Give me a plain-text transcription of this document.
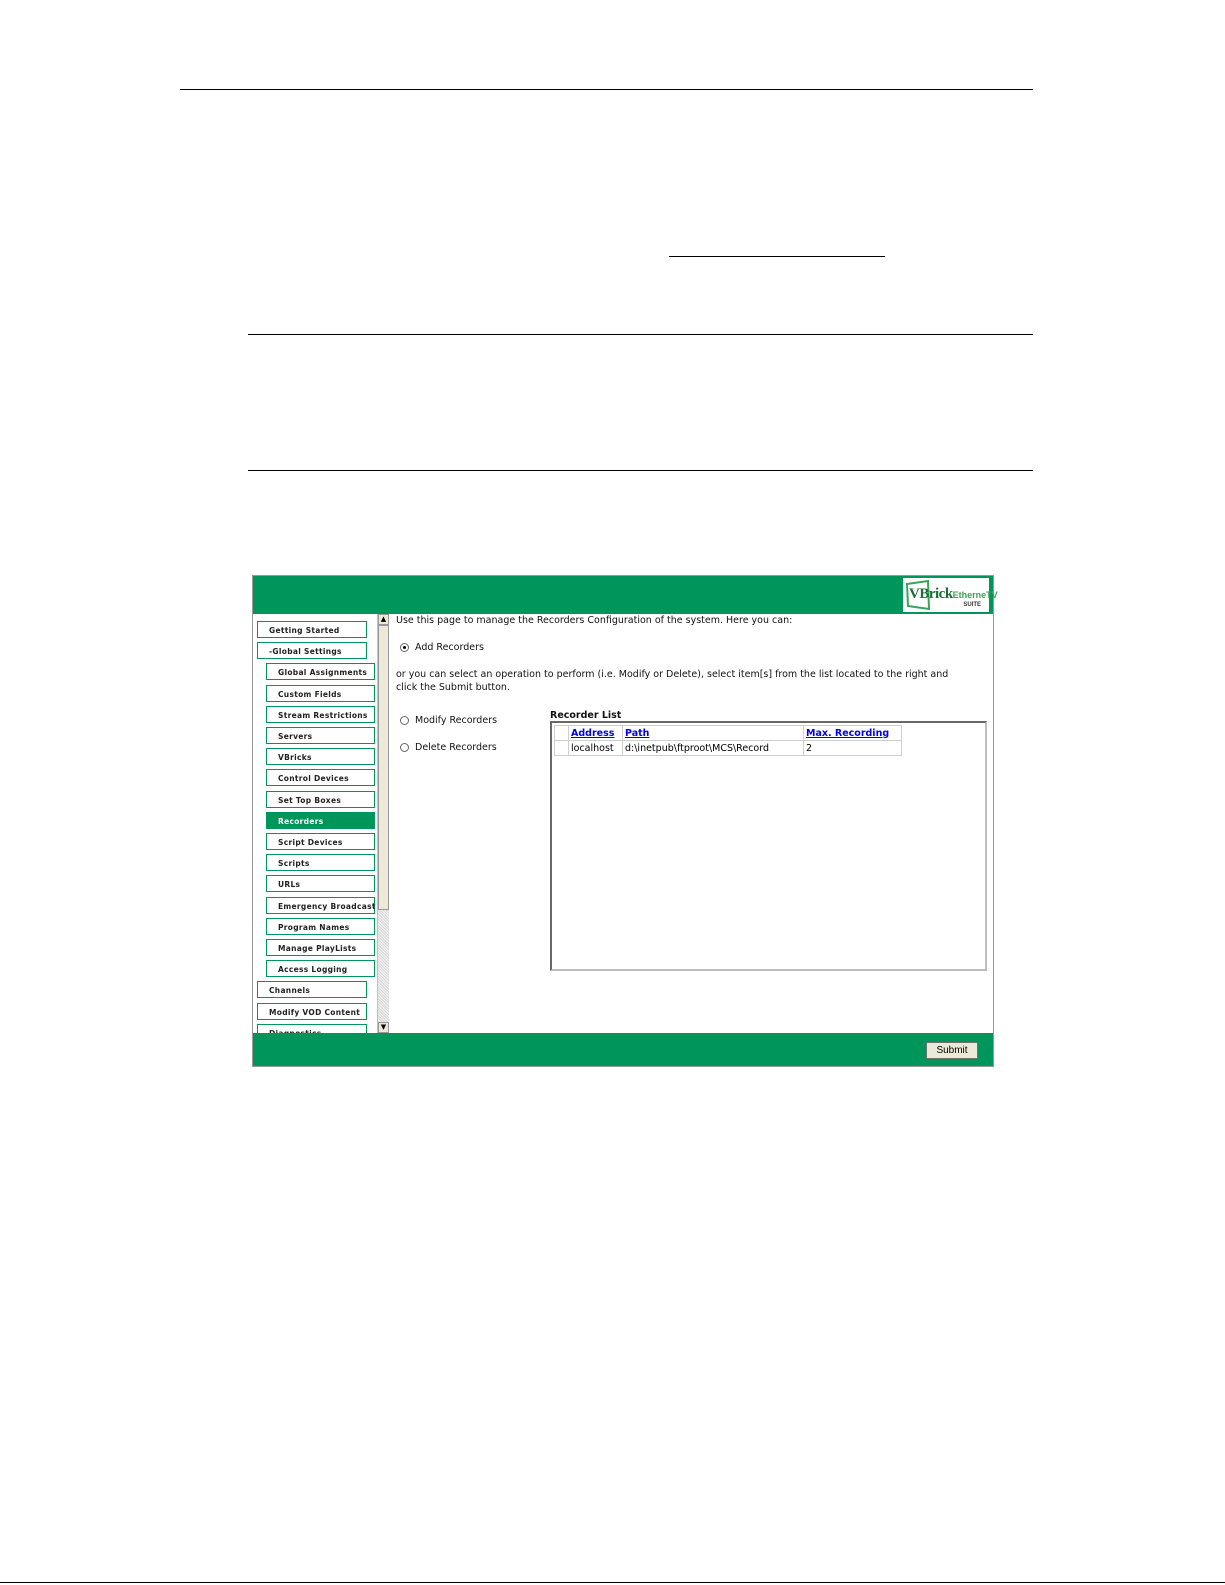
VBrickEtherneTV
SUITE
Getting Started
-Global Settings
Global Assignments
Custom Fields
Stream Restrictions
Servers
VBricks
Control Devices
Set Top Boxes
Recorders
Script Devices
Scripts
URLs
Emergency Broadcast
Program Names
Manage PlayLists
Access Logging
Channels
Modify VOD Content
▲
▼
Use this page to manage the Recorders Configuration of the system. Here you can:
Add Recorders
or you can select an operation to perform (i.e. Modify or Delete), select item[s] from the list located to the right and
click the Submit button.
Modify Recorders
Delete Recorders
Recorder List
	Address	Path	Max. Recording
	localhost	d:\inetpub\ftproot\MCS\Record	2
Submit
